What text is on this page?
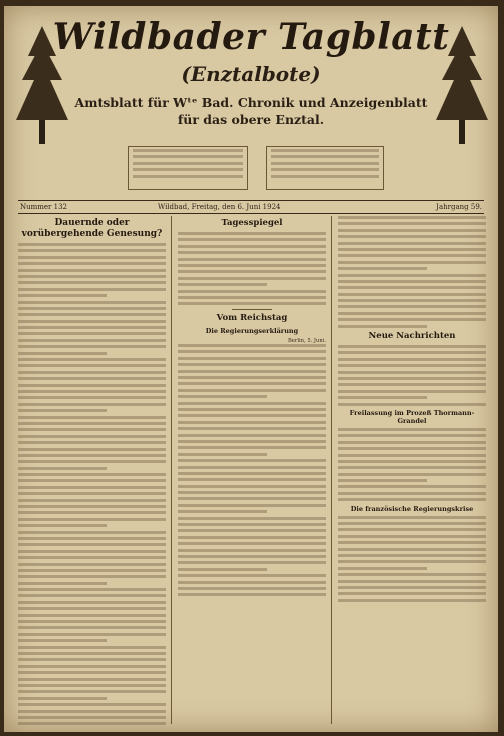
Wildbader Tagblatt
(Enztalbote)
Amtsblatt für Wᵗᵉ Bad. Chronik und Anzeigenblatt für das obere Enztal.
Nummer 132	Wildbad, Freitag, den 6. Juni 1924	Jahrgang 59.
Dauernde oder vorübergehende Genesung?
Tagesspiegel
Vom Reichstag
Die Regierungserklärung
Berlin, 5. Juni.	Neue Nachrichten
Freilassung im Prozeß Thormann-Grandel
Die französische Regierungskrise
